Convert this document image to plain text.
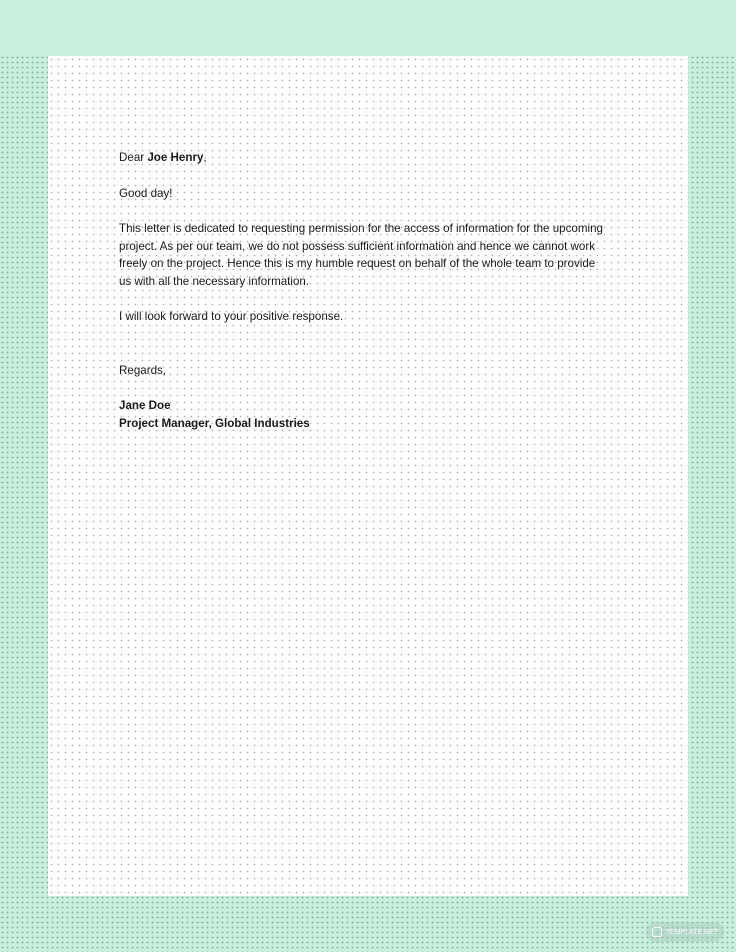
Dear Joe Henry,

Good day!

This letter is dedicated to requesting permission for the access of information for the upcoming

project. As per our team, we do not possess sufficient information and hence we cannot work

freely on the project. Hence this is my humble request on behalf of the whole team to provide

us with all the necessary information.

I will look forward to your positive response.

Regards,

Jane Doe

Project Manager, Global Industries

TEMPLATE.NET
